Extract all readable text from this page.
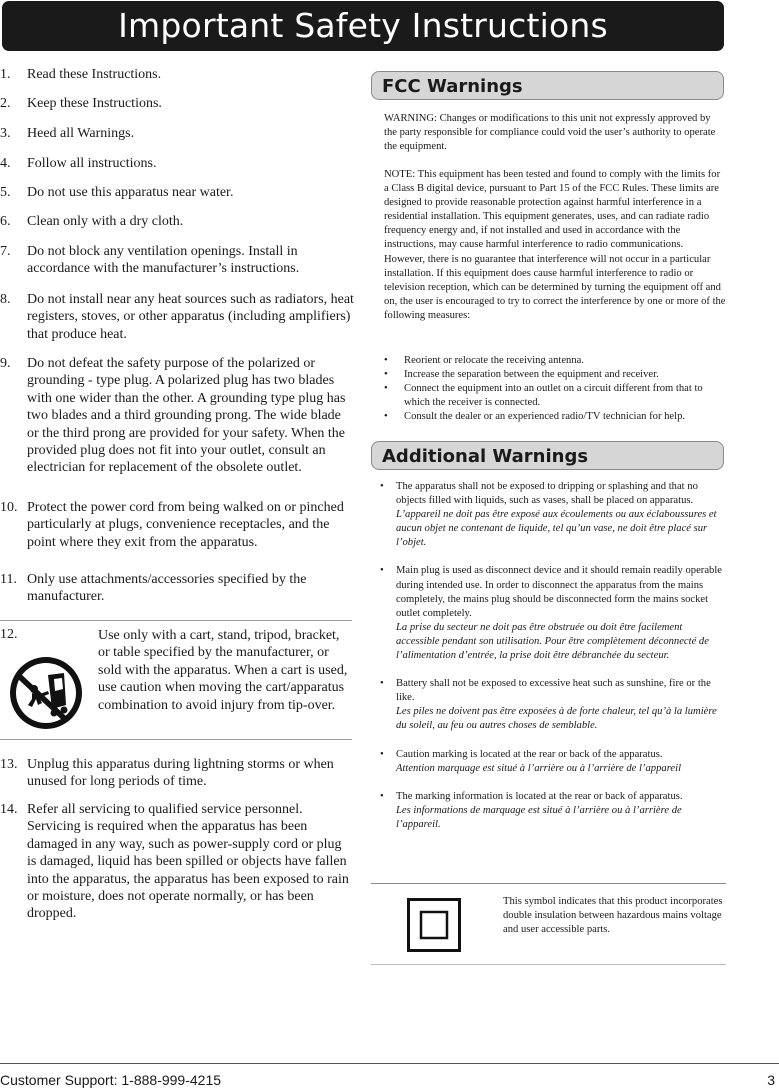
Important Safety Instructions
1. Read these Instructions.
2. Keep these Instructions.
3. Heed all Warnings.
4. Follow all instructions.
5. Do not use this apparatus near water.
6. Clean only with a dry cloth.
7. Do not block any ventilation openings. Install in accordance with the manufacturer’s instructions.
8. Do not install near any heat sources such as radiators, heat registers, stoves, or other apparatus (including amplifiers) that produce heat.
9. Do not defeat the safety purpose of the polarized or grounding - type plug. A polarized plug has two blades with one wider than the other. A grounding type plug has two blades and a third grounding prong. The wide blade or the third prong are provided for your safety. When the provided plug does not fit into your outlet, consult an electrician for replacement of the obsolete outlet.
10. Protect the power cord from being walked on or pinched particularly at plugs, convenience receptacles, and the point where they exit from the apparatus.
11. Only use attachments/accessories specified by the manufacturer.
12.	Use only with a cart, stand, tripod, bracket, or table specified by the manufacturer, or sold with the apparatus. When a cart is used, use caution when moving the cart/apparatus combination to avoid injury from tip-over.
13. Unplug this apparatus during lightning storms or when unused for long periods of time.
14. Refer all servicing to qualified service personnel. Servicing is required when the apparatus has been damaged in any way, such as power-supply cord or plug is damaged, liquid has been spilled or objects have fallen into the apparatus, the apparatus has been exposed to rain or moisture, does not operate normally, or has been dropped.
FCC Warnings
WARNING: Changes or modifications to this unit not expressly approved by the party responsible for compliance could void the user’s authority to operate the equipment.
NOTE: This equipment has been tested and found to comply with the limits for a Class B digital device, pursuant to Part 15 of the FCC Rules. These limits are designed to provide reasonable protection against harmful interference in a residential installation. This equipment generates, uses, and can radiate radio frequency energy and, if not installed and used in accordance with the instructions, may cause harmful interference to radio communications. However, there is no guarantee that interference will not occur in a particular installation. If this equipment does cause harmful interference to radio or television reception, which can be determined by turning the equipment off and on, the user is encouraged to try to correct the interference by one or more of the following measures:
• Reorient or relocate the receiving antenna.
• Increase the separation between the equipment and receiver.
• Connect the equipment into an outlet on a circuit different from that to which the receiver is connected.
• Consult the dealer or an experienced radio/TV technician for help.
Additional Warnings
• The apparatus shall not be exposed to dripping or splashing and that no objects filled with liquids, such as vases, shall be placed on apparatus.
L’appareil ne doit pas être exposé aux écoulements ou aux éclaboussures et aucun objet ne contenant de liquide, tel qu’un vase, ne doit être placé sur l’objet.
• Main plug is used as disconnect device and it should remain readily operable during intended use. In order to disconnect the apparatus from the mains completely, the mains plug should be disconnected form the mains socket outlet completely.
La prise du secteur ne doit pas être obstruée ou doit être facilement accessible pendant son utilisation. Pour être complètement déconnecté de l’alimentation d’entrée, la prise doit être débranchée du secteur.
• Battery shall not be exposed to excessive heat such as sunshine, fire or the like.
Les piles ne doivent pas être exposées à de forte chaleur, tel qu’à la lumière du soleil, au feu ou autres choses de semblable.
• Caution marking is located at the rear or back of the apparatus.
Attention marquage est situé à l’arrière ou à l’arrière de l’appareil
• The marking information is located at the rear or back of apparatus.
Les informations de marquage est situé à l’arrière ou à l’arrière de l’appareil.
This symbol indicates that this product incorporates double insulation between hazardous mains voltage and user accessible parts.
Customer Support: 1-888-999-4215	3
